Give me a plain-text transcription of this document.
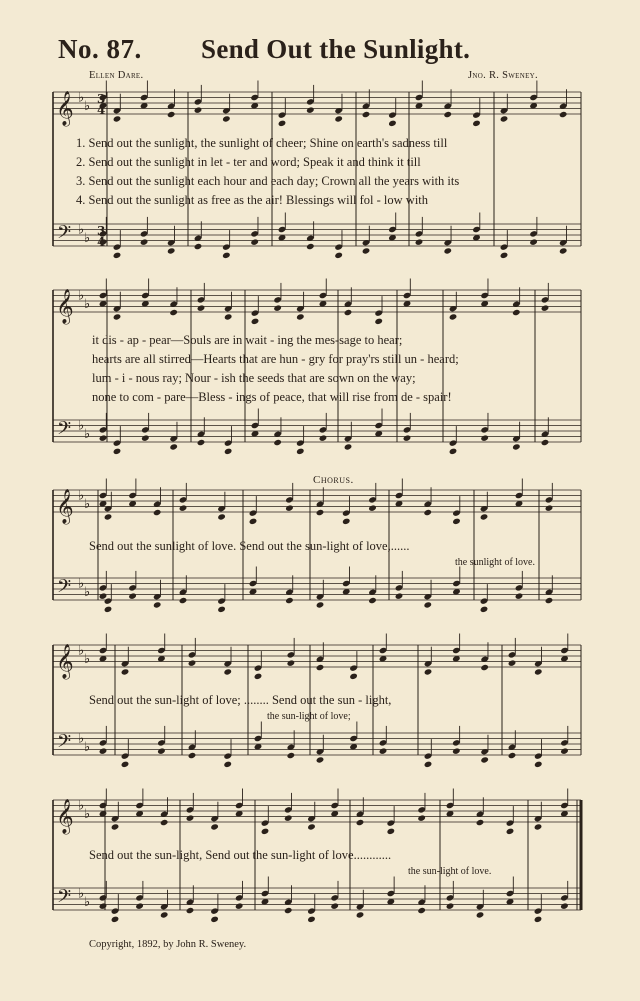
No. 87. Send Out the Sunlight.
Ellen Dare.	Jno. R. Sweney.
𝄞
𝄢
♭
♭
♭
♭
3
4
3
4
𝄞
𝄢
♭
♭
♭
♭
𝄞
𝄢
♭
♭
♭
♭
𝄞
𝄢
♭
♭
♭
♭
𝄞
𝄢
♭
♭
♭
♭
1. Send out the sunlight, the sunlight of cheer; Shine on earth's sadness till
2. Send out the sunlight in let - ter and word; Speak it and think it till
3. Send out the sunlight each hour and each day; Crown all the years with its
4. Send out the sunlight as free as the air! Blessings will fol - low with
it dis - ap - pear—Souls are in wait - ing the mes-sage to hear;
hearts are all stirred—Hearts that are hun - gry for pray'rs still un - heard;
lum - i - nous ray; Nour - ish the seeds that are sown on the way;
none to com - pare—Bless - ings of peace, that will rise from de - spair!
Chorus.
Send out the sunlight of love. Send out the sun-light of love,......
the sunlight of love.
Send out the sun-light of love; ........ Send out the sun - light,
the sun-light of love;
Send out the sun-light, Send out the sun-light of love............
the sun-light of love.
Copyright, 1892, by John R. Sweney.
